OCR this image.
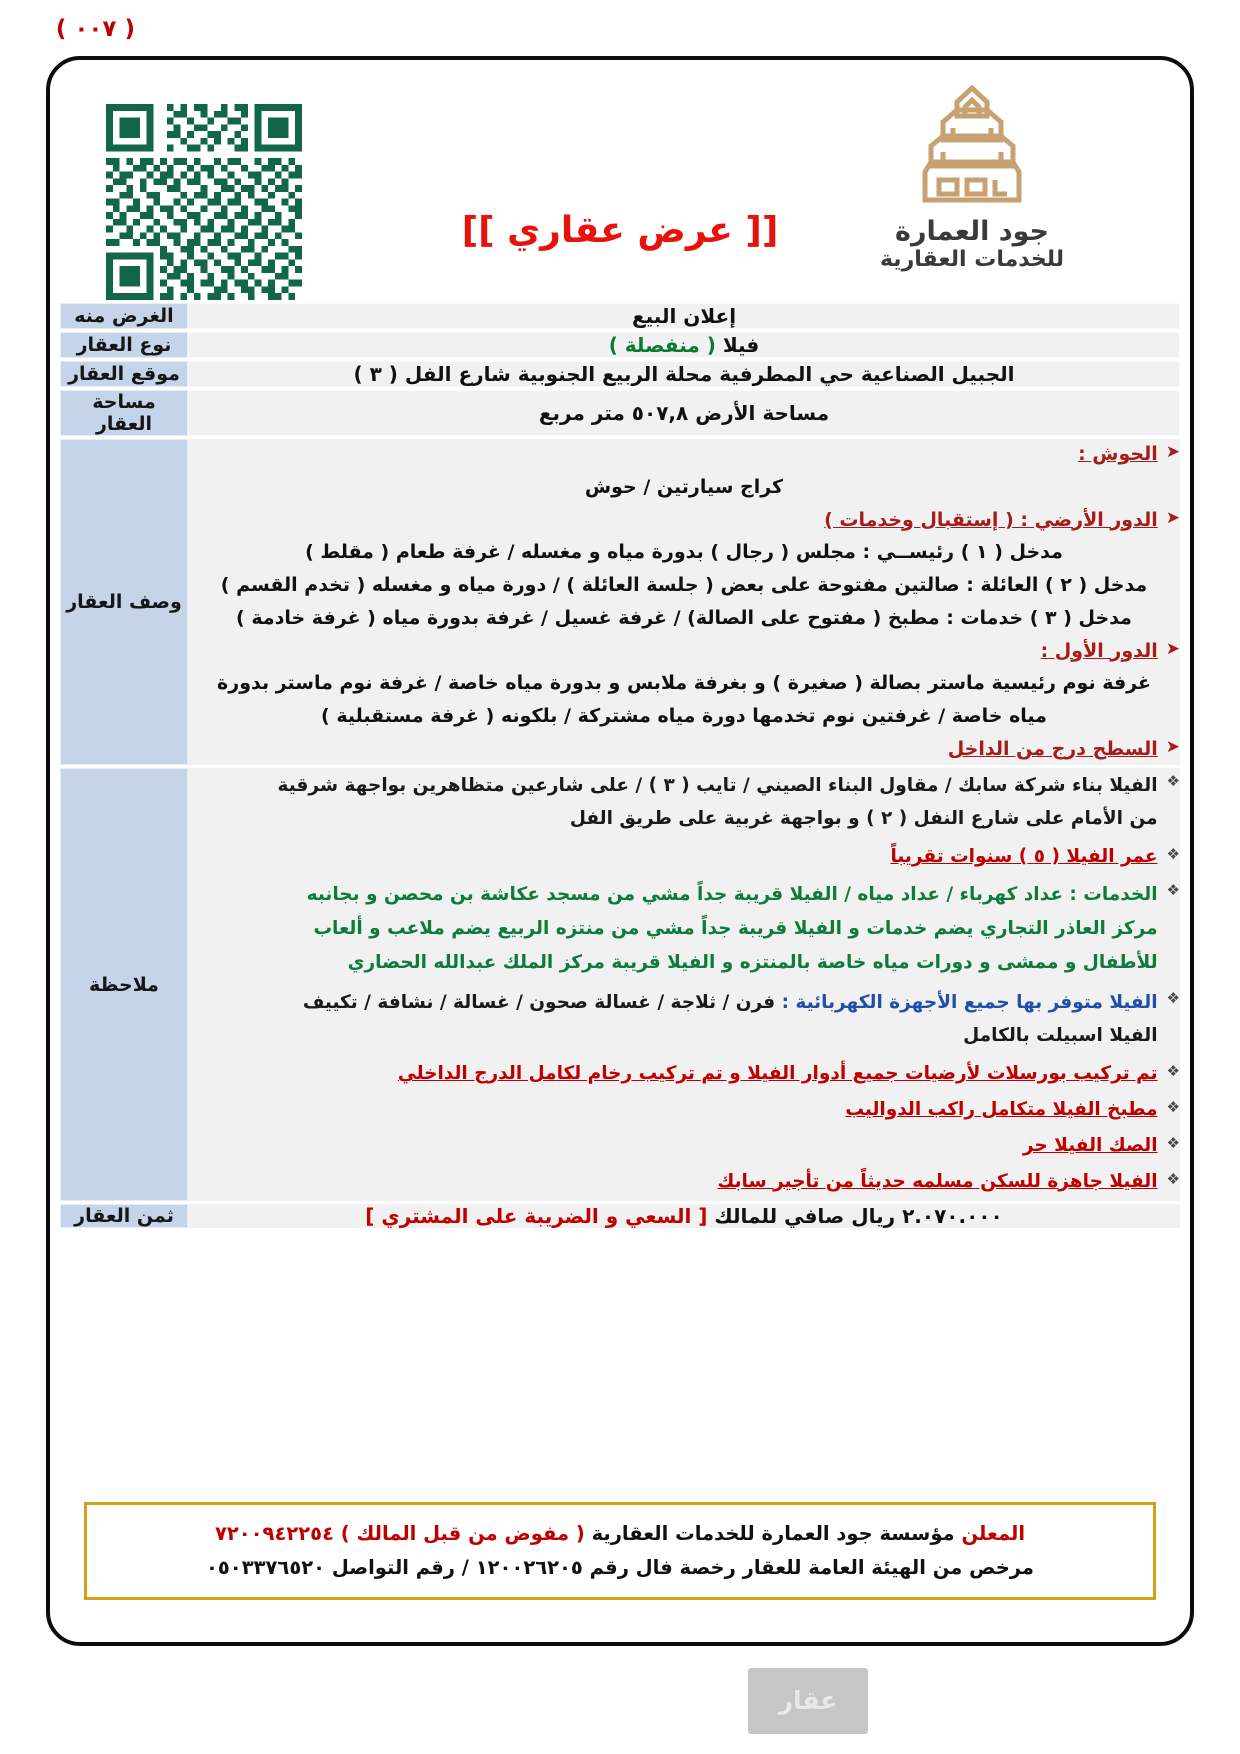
( ٠٠٧ )
جود العمارة
للخدمات العقارية
[[ عرض عقاري ]]
إعلان البيع	الغرض منه
فيلا ( منفصلة )	نوع العقار
الجبيل الصناعية حي المطرفية محلة الربيع الجنوبية شارع الفل ( ٣ )	موقع العقار
مساحة الأرض ٥٠٧,٨ متر مربع	مساحة العقار

➤
الحوش :
كراج سيارتين / حوش
➤
الدور الأرضي : ( إستقبال وخدمات )
مدخل ( ١ ) رئيســي : مجلس ( رجال ) بدورة مياه و مغسله / غرفة طعام ( مقلط )
مدخل ( ٢ ) العائلة : صالتين مفتوحة على بعض ( جلسة العائلة ) / دورة مياه و مغسله ( تخدم القسم )
مدخل ( ٣ ) خدمات : مطبخ ( مفتوح على الصالة) / غرفة غسيل / غرفة بدورة مياه ( غرفة خادمة )
➤
الدور الأول :
غرفة نوم رئيسية ماستر بصالة ( صغيرة ) و بغرفة ملابس و بدورة مياه خاصة / غرفة نوم ماستر بدورة
مياه خاصة / غرفتين نوم تخدمها دورة مياه مشتركة / بلكونه ( غرفة مستقبلية )
➤
السطح درج من الداخل
	وصف العقار

عقار
❖
الفيلا بناء شركة سابك / مقاول البناء الصيني / تايب ( ٣ ) / على شارعين متظاهرين بواجهة شرقية
من الأمام على شارع النفل ( ٢ ) و بواجهة غربية على طريق الفل
❖
عمر الفيلا ( ٥ ) سنوات تقريباً
❖
الخدمات : عداد كهرباء / عداد مياه / الفيلا قريبة جداً مشي من مسجد عكاشة بن محصن و بجانبه
مركز العاذر التجاري يضم خدمات و الفيلا قريبة جداً مشي من منتزه الربيع يضم ملاعب و ألعاب
للأطفال و ممشى و دورات مياه خاصة بالمنتزه و الفيلا قريبة مركز الملك عبدالله الحضاري
❖
الفيلا متوفر بها جميع الأجهزة الكهربائية : فرن / ثلاجة / غسالة صحون / غسالة / نشافة / تكييف
الفيلا اسبيلت بالكامل
❖
تم تركيب بورسلات لأرضيات جميع أدوار الفيلا و تم تركيب رخام لكامل الدرج الداخلي
❖
مطبخ الفيلا متكامل راكب الدواليب
❖
الصك الفيلا حر
❖
الفيلا جاهزة للسكن مسلمه حديثاً من تأجير سابك
	ملاحظة
٢.٠٧٠.٠٠٠ ريال صافي للمالك [ السعي و الضريبة على المشتري ]	ثمن العقار
المعلن مؤسسة جود العمارة للخدمات العقارية ( مفوض من قبل المالك ) ٧٢٠٠٩٤٢٢٥٤
مرخص من الهيئة العامة للعقار رخصة فال رقم ١٢٠٠٢٦٢٠٥ / رقم التواصل ٠٥٠٣٣٧٦٥٢٠
